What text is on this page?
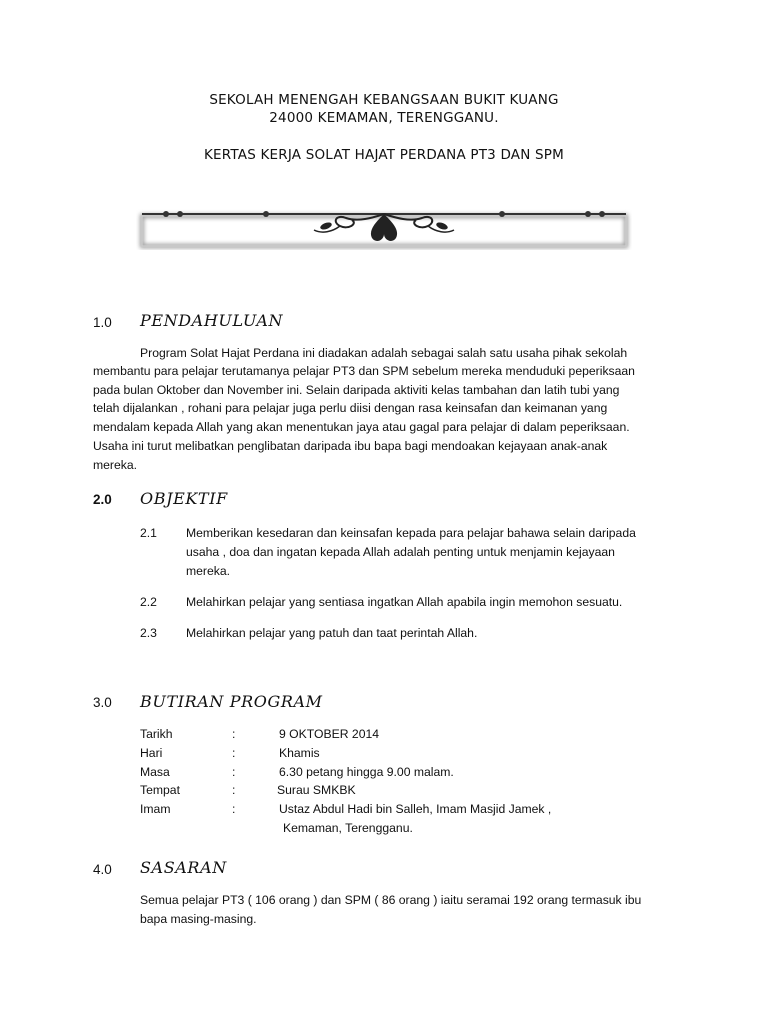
SEKOLAH MENENGAH KEBANGSAAN BUKIT KUANG
24000 KEMAMAN, TERENGGANU.
KERTAS KERJA SOLAT HAJAT PERDANA PT3 DAN SPM
1.0 PENDAHULUAN
Program Solat Hajat Perdana ini diadakan adalah sebagai salah satu usaha pihak sekolah
membantu para pelajar terutamanya pelajar PT3 dan SPM sebelum mereka menduduki peperiksaan
pada bulan Oktober dan November ini. Selain daripada aktiviti kelas tambahan dan latih tubi yang
telah dijalankan , rohani para pelajar juga perlu diisi dengan rasa keinsafan dan keimanan yang
mendalam kepada Allah yang akan menentukan jaya atau gagal para pelajar di dalam peperiksaan.
Usaha ini turut melibatkan penglibatan daripada ibu bapa bagi mendoakan kejayaan anak-anak
mereka.
2.0 OBJEKTIF
2.1 Memberikan kesedaran dan keinsafan kepada para pelajar bahawa selain daripada
usaha , doa dan ingatan kepada Allah adalah penting untuk menjamin kejayaan
mereka.
2.2 Melahirkan pelajar yang sentiasa ingatkan Allah apabila ingin memohon sesuatu.
2.3 Melahirkan pelajar yang patuh dan taat perintah Allah.
3.0 BUTIRAN PROGRAM
Tarikh	:	9 OKTOBER 2014
Hari	:	Khamis
Masa	:	6.30 petang hingga 9.00 malam.
Tempat	:	Surau SMKBK
Imam	:	Ustaz Abdul Hadi bin Salleh, Imam Masjid Jamek ,
Kemaman, Terengganu.
4.0 SASARAN
Semua pelajar PT3 ( 106 orang ) dan SPM ( 86 orang ) iaitu seramai 192 orang termasuk ibu
bapa masing-masing.
